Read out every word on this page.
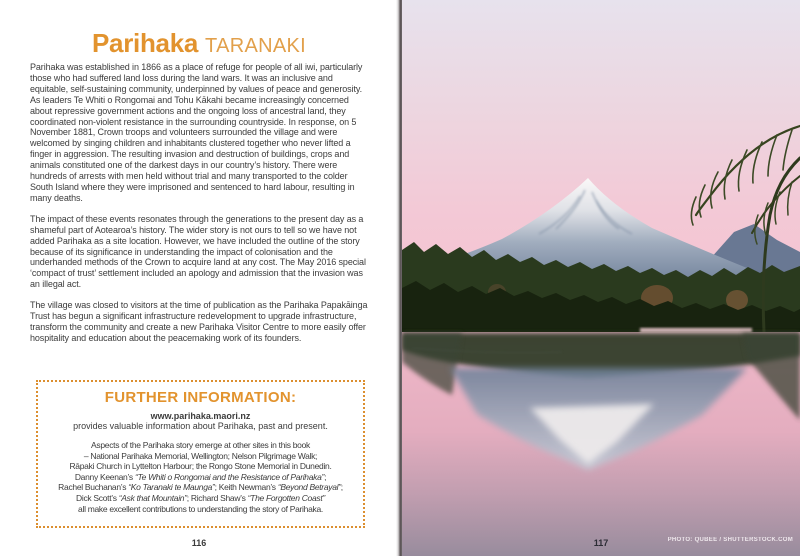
Parihaka TARANAKI

Parihaka was established in 1866 as a place of refuge for people of all iwi, particularly those who had suffered land loss during the land wars. It was an inclusive and equitable, self-sustaining community, underpinned by values of peace and generosity. As leaders Te Whiti o Rongomai and Tohu Kākahi became increasingly concerned about repressive government actions and the ongoing loss of ancestral land, they coordinated non-violent resistance in the surrounding countryside. In response, on 5 November 1881, Crown troops and volunteers surrounded the village and were welcomed by singing children and inhabitants clustered together who never lifted a finger in aggression. The resulting invasion and destruction of buildings, crops and animals constituted one of the darkest days in our country’s history. There were hundreds of arrests with men held without trial and many transported to the colder South Island where they were imprisoned and sentenced to hard labour, resulting in many deaths.

The impact of these events resonates through the generations to the present day as a shameful part of Aotearoa’s history. The wider story is not ours to tell so we have not added Parihaka as a site location. However, we have included the outline of the story because of its significance in understanding the impact of colonisation and the underhanded methods of the Crown to acquire land at any cost. The May 2016 special ‘compact of trust’ settlement included an apology and admission that the invasion was an illegal act.

The village was closed to visitors at the time of publication as the Parihaka Papakāinga Trust has begun a significant infrastructure redevelopment to upgrade infrastructure, transform the community and create a new Parihaka Visitor Centre to more easily offer hospitality and education about the peacemaking work of its founders.

FURTHER INFORMATION:
www.parihaka.maori.nz
provides valuable information about Parihaka, past and present.
Aspects of the Parihaka story emerge at other sites in this book
– National Parihaka Memorial, Wellington; Nelson Pilgrimage Walk;
Rāpaki Church in Lyttelton Harbour; the Rongo Stone Memorial in Dunedin.
Danny Keenan’s “Te Whiti o Rongomai and the Resistance of Parihaka”;
Rachel Buchanan’s “Ko Taranaki te Maunga”; Keith Newman’s “Beyond Betrayal”;
Dick Scott’s “Ask that Mountain”; Richard Shaw’s “The Forgotten Coast”
all make excellent contributions to understanding the story of Parihaka.
116	117	PHOTO: QUBEE / SHUTTERSTOCK.COM
